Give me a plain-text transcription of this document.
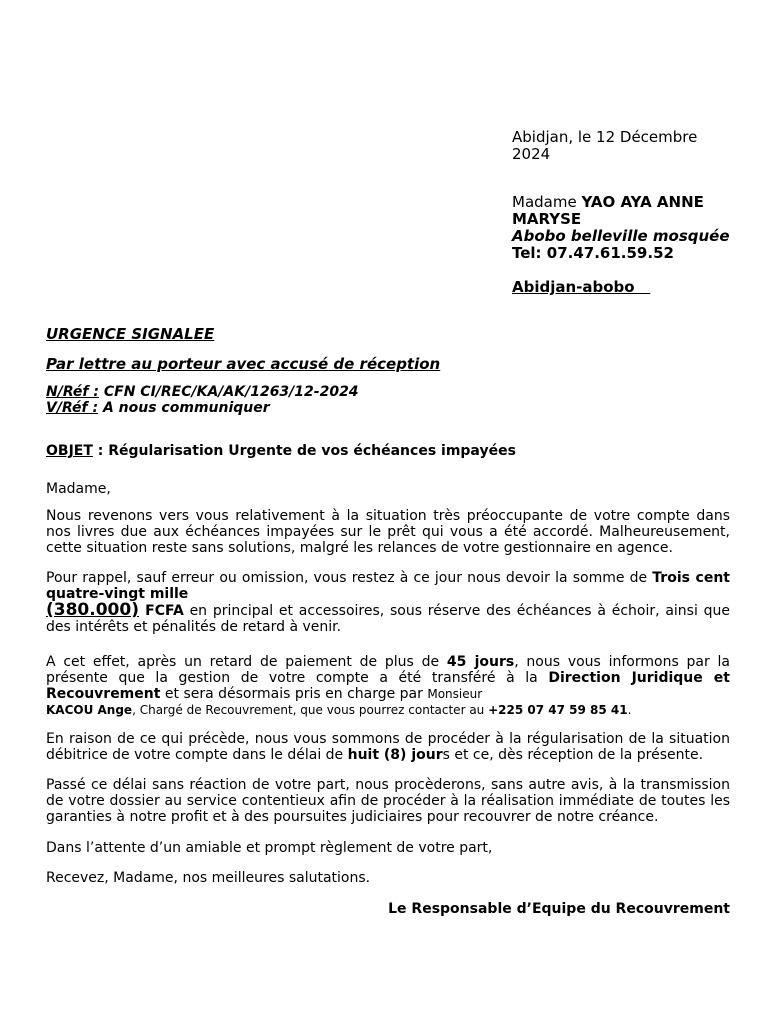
Abidjan, le 12 Décembre 2024
Madame YAO AYA ANNE MARYSE
Abobo belleville mosquée
Tel: 07.47.61.59.52
Abidjan-abobo
URGENCE SIGNALEE
Par lettre au porteur avec accusé de réception
N/Réf : CFN CI/REC/KA/AK/1263/12-2024
V/Réf : A nous communiquer
OBJET : Régularisation Urgente de vos échéances impayées
Madame,
Nous revenons vers vous relativement à la situation très préoccupante de votre compte dans nos livres due aux échéances impayées sur le prêt qui vous a été accordé. Malheureusement, cette situation reste sans solutions, malgré les relances de votre gestionnaire en agence.
Pour rappel, sauf erreur ou omission, vous restez à ce jour nous devoir la somme de Trois cent quatre-vingt mille
(380.000) FCFA en principal et accessoires, sous réserve des échéances à échoir, ainsi que des intérêts et pénalités de retard à venir.
A cet effet, après un retard de paiement de plus de 45 jours, nous vous informons par la présente que la gestion de votre compte a été transféré à la Direction Juridique et Recouvrement et sera désormais pris en charge par Monsieur
KACOU Ange, Chargé de Recouvrement, que vous pourrez contacter au +225 07 47 59 85 41.
En raison de ce qui précède, nous vous sommons de procéder à la régularisation de la situation débitrice de votre compte dans le délai de huit (8) jours et ce, dès réception de la présente.
Passé ce délai sans réaction de votre part, nous procèderons, sans autre avis, à la transmission de votre dossier au service contentieux afin de procéder à la réalisation immédiate de toutes les garanties à notre profit et à des poursuites judiciaires pour recouvrer de notre créance.
Dans l’attente d’un amiable et prompt règlement de votre part,
Recevez, Madame, nos meilleures salutations.
Le Responsable d’Equipe du Recouvrement
